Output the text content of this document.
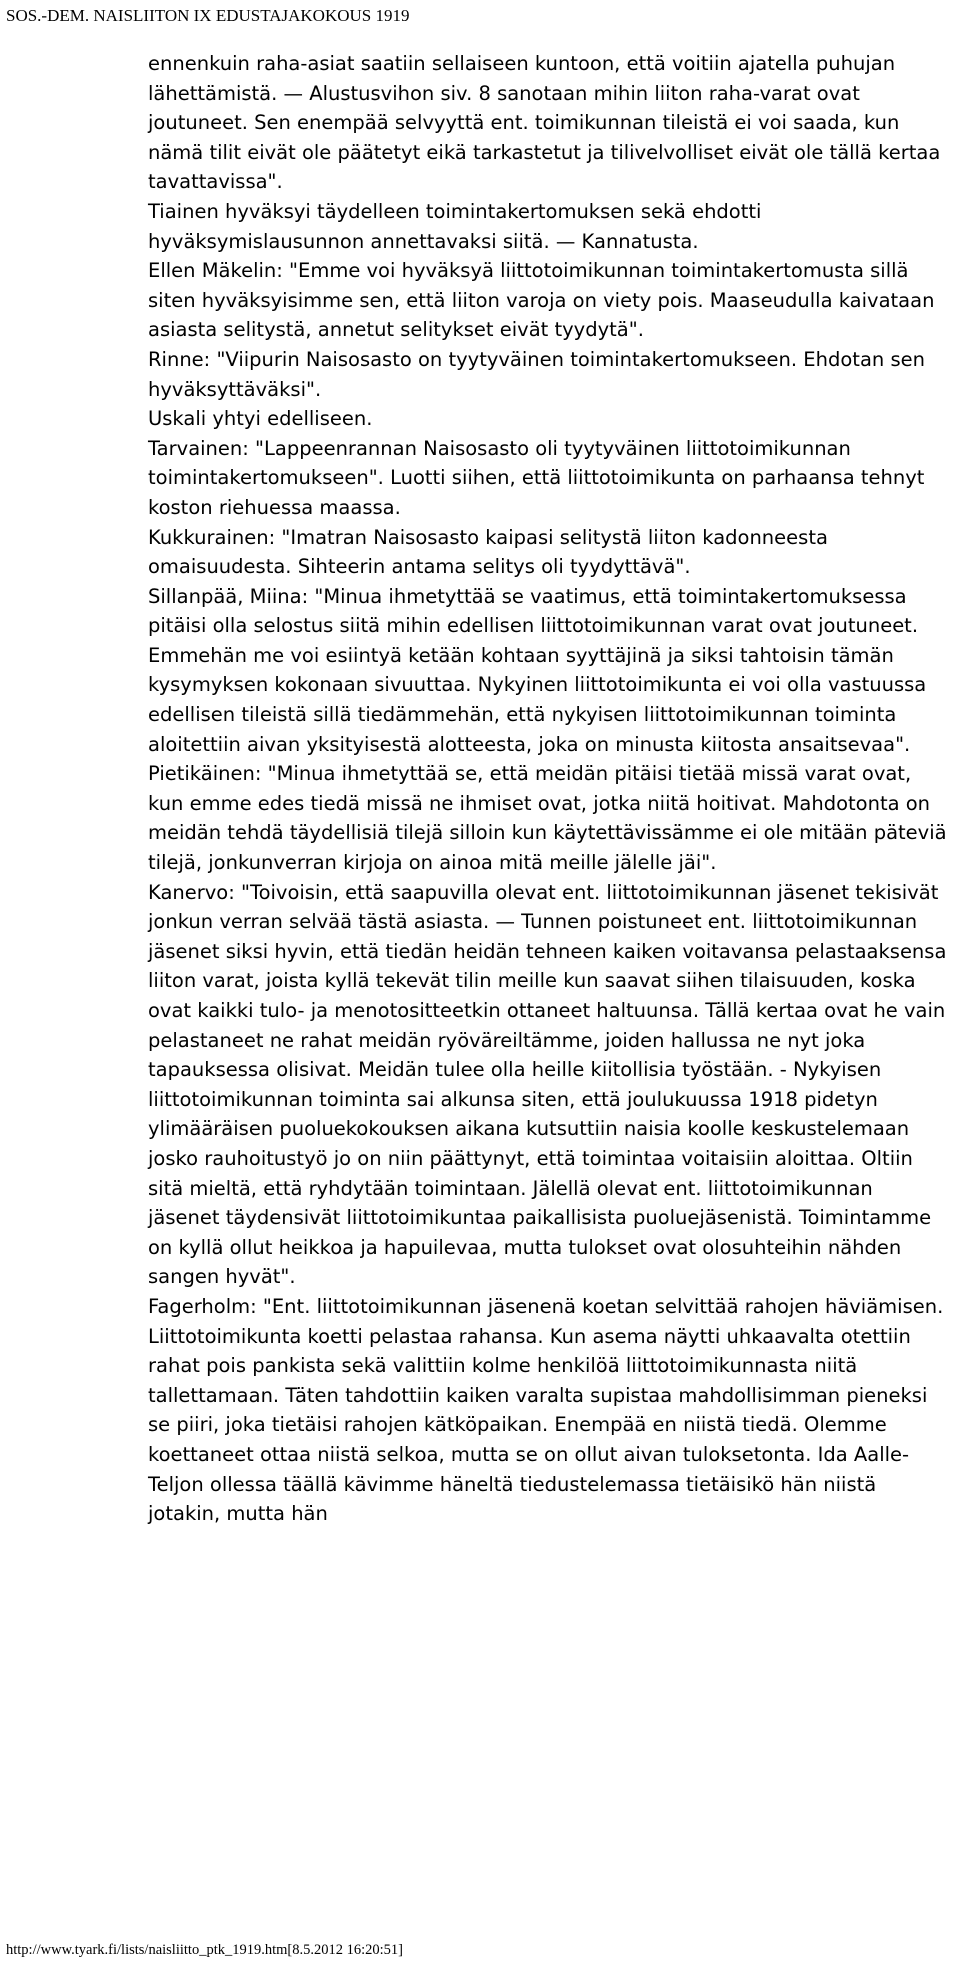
SOS.-DEM. NAISLIITON IX EDUSTAJAKOKOUS 1919

ennenkuin raha-asiat saatiin sellaiseen kuntoon, että voitiin ajatella puhujan lähettämistä. — Alustusvihon siv. 8 sanotaan mihin liiton raha-varat ovat joutuneet. Sen enempää selvyyttä ent. toimikunnan tileistä ei voi saada, kun nämä tilit eivät ole päätetyt eikä tarkastetut ja tilivelvolliset eivät ole tällä kertaa tavattavissa".

Tiainen hyväksyi täydelleen toimintakertomuksen sekä ehdotti hyväksymislausunnon annettavaksi siitä. — Kannatusta.

Ellen Mäkelin: "Emme voi hyväksyä liittotoimikunnan toimintakertomusta sillä siten hyväksyisimme sen, että liiton varoja on viety pois. Maaseudulla kaivataan asiasta selitystä, annetut selitykset eivät tyydytä".

Rinne: "Viipurin Naisosasto on tyytyväinen toimintakertomukseen. Ehdotan sen hyväksyttäväksi".

Uskali yhtyi edelliseen.

Tarvainen: "Lappeenrannan Naisosasto oli tyytyväinen liittotoimikunnan toimintakertomukseen". Luotti siihen, että liittotoimikunta on parhaansa tehnyt koston riehuessa maassa.

Kukkurainen: "Imatran Naisosasto kaipasi selitystä liiton kadonneesta omaisuudesta. Sihteerin antama selitys oli tyydyttävä".

Sillanpää, Miina: "Minua ihmetyttää se vaatimus, että toimintakertomuksessa pitäisi olla selostus siitä mihin edellisen liittotoimikunnan varat ovat joutuneet. Emmehän me voi esiintyä ketään kohtaan syyttäjinä ja siksi tahtoisin tämän kysymyksen kokonaan sivuuttaa. Nykyinen liittotoimikunta ei voi olla vastuussa edellisen tileistä sillä tiedämmehän, että nykyisen liittotoimikunnan toiminta aloitettiin aivan yksityisestä alotteesta, joka on minusta kiitosta ansaitsevaa".

Pietikäinen: "Minua ihmetyttää se, että meidän pitäisi tietää missä varat ovat, kun emme edes tiedä missä ne ihmiset ovat, jotka niitä hoitivat. Mahdotonta on meidän tehdä täydellisiä tilejä silloin kun käytettävissämme ei ole mitään päteviä tilejä, jonkunverran kirjoja on ainoa mitä meille jälelle jäi".

Kanervo: "Toivoisin, että saapuvilla olevat ent. liittotoimikunnan jäsenet tekisivät jonkun verran selvää tästä asiasta. — Tunnen poistuneet ent. liittotoimikunnan jäsenet siksi hyvin, että tiedän heidän tehneen kaiken voitavansa pelastaaksensa liiton varat, joista kyllä tekevät tilin meille kun saavat siihen tilaisuuden, koska ovat kaikki tulo- ja menotositteetkin ottaneet haltuunsa. Tällä kertaa ovat he vain pelastaneet ne rahat meidän ryöväreiltämme, joiden hallussa ne nyt joka tapauksessa olisivat. Meidän tulee olla heille kiitollisia työstään. - Nykyisen liittotoimikunnan toiminta sai alkunsa siten, että joulukuussa 1918 pidetyn ylimääräisen puoluekokouksen aikana kutsuttiin naisia koolle keskustelemaan josko rauhoitustyö jo on niin päättynyt, että toimintaa voitaisiin aloittaa. Oltiin sitä mieltä, että ryhdytään toimintaan. Jälellä olevat ent. liittotoimikunnan jäsenet täydensivät liittotoimikuntaa paikallisista puoluejäsenistä. Toimintamme on kyllä ollut heikkoa ja hapuilevaa, mutta tulokset ovat olosuhteihin nähden sangen hyvät".

Fagerholm: "Ent. liittotoimikunnan jäsenenä koetan selvittää rahojen häviämisen. Liittotoimikunta koetti pelastaa rahansa. Kun asema näytti uhkaavalta otettiin rahat pois pankista sekä valittiin kolme henkilöä liittotoimikunnasta niitä tallettamaan. Täten tahdottiin kaiken varalta supistaa mahdollisimman pieneksi se piiri, joka tietäisi rahojen kätköpaikan. Enempää en niistä tiedä. Olemme koettaneet ottaa niistä selkoa, mutta se on ollut aivan tuloksetonta. Ida Aalle-Teljon ollessa täällä kävimme häneltä tiedustelemassa tietäisikö hän niistä jotakin, mutta hän

http://www.tyark.fi/lists/naisliitto_ptk_1919.htm[8.5.2012 16:20:51]
